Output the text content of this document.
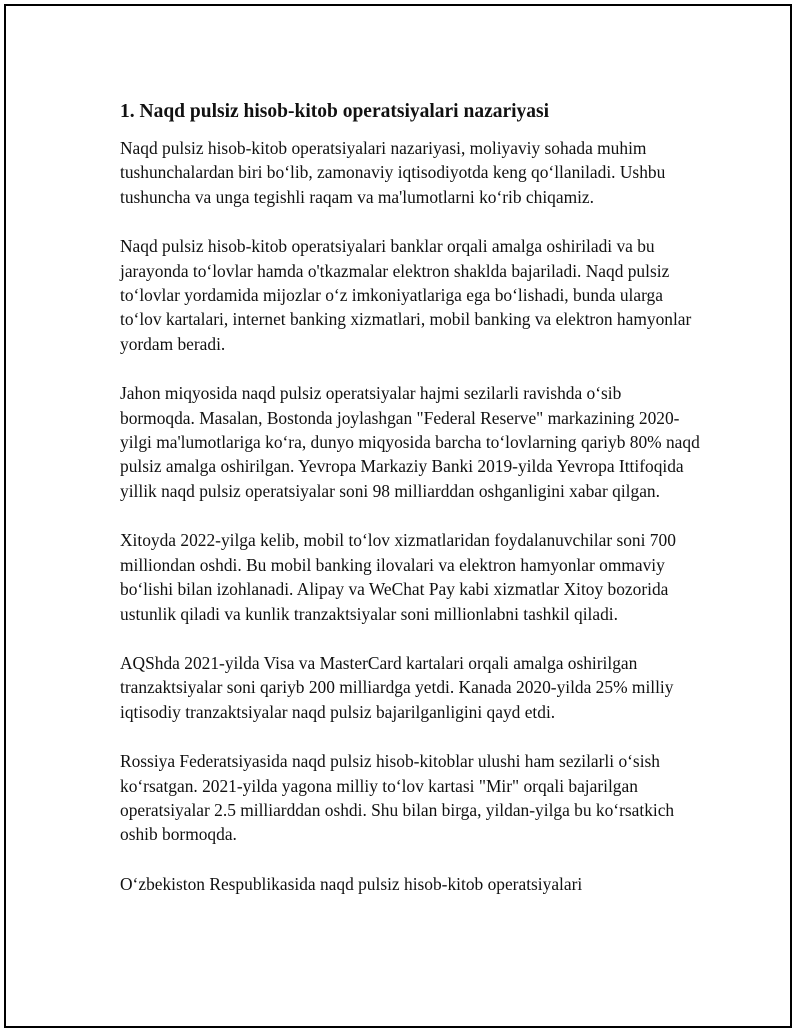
1. Naqd pulsiz hisob-kitob operatsiyalari nazariyasi

Naqd pulsiz hisob-kitob operatsiyalari nazariyasi, moliyaviy sohada muhim tushunchalardan biri bo‘lib, zamonaviy iqtisodiyotda keng qo‘llaniladi. Ushbu tushuncha va unga tegishli raqam va ma'lumotlarni ko‘rib chiqamiz.

Naqd pulsiz hisob-kitob operatsiyalari banklar orqali amalga oshiriladi va bu jarayonda to‘lovlar hamda o'tkazmalar elektron shaklda bajariladi. Naqd pulsiz to‘lovlar yordamida mijozlar o‘z imkoniyatlariga ega bo‘lishadi, bunda ularga to‘lov kartalari, internet banking xizmatlari, mobil banking va elektron hamyonlar yordam beradi.

Jahon miqyosida naqd pulsiz operatsiyalar hajmi sezilarli ravishda o‘sib bormoqda. Masalan, Bostonda joylashgan "Federal Reserve" markazining 2020-yilgi ma'lumotlariga ko‘ra, dunyo miqyosida barcha to‘lovlarning qariyb 80% naqd pulsiz amalga oshirilgan. Yevropa Markaziy Banki 2019-yilda Yevropa Ittifoqida yillik naqd pulsiz operatsiyalar soni 98 milliarddan oshganligini xabar qilgan.

Xitoyda 2022-yilga kelib, mobil to‘lov xizmatlaridan foydalanuvchilar soni 700 milliondan oshdi. Bu mobil banking ilovalari va elektron hamyonlar ommaviy bo‘lishi bilan izohlanadi. Alipay va WeChat Pay kabi xizmatlar Xitoy bozorida ustunlik qiladi va kunlik tranzaktsiyalar soni millionlabni tashkil qiladi.

AQShda 2021-yilda Visa va MasterCard kartalari orqali amalga oshirilgan tranzaktsiyalar soni qariyb 200 milliardga yetdi. Kanada 2020-yilda 25% milliy iqtisodiy tranzaktsiyalar naqd pulsiz bajarilganligini qayd etdi.

Rossiya Federatsiyasida naqd pulsiz hisob-kitoblar ulushi ham sezilarli o‘sish ko‘rsatgan. 2021-yilda yagona milliy to‘lov kartasi "Mir" orqali bajarilgan operatsiyalar 2.5 milliarddan oshdi. Shu bilan birga, yildan-yilga bu ko‘rsatkich oshib bormoqda.

O‘zbekiston Respublikasida naqd pulsiz hisob-kitob operatsiyalari
